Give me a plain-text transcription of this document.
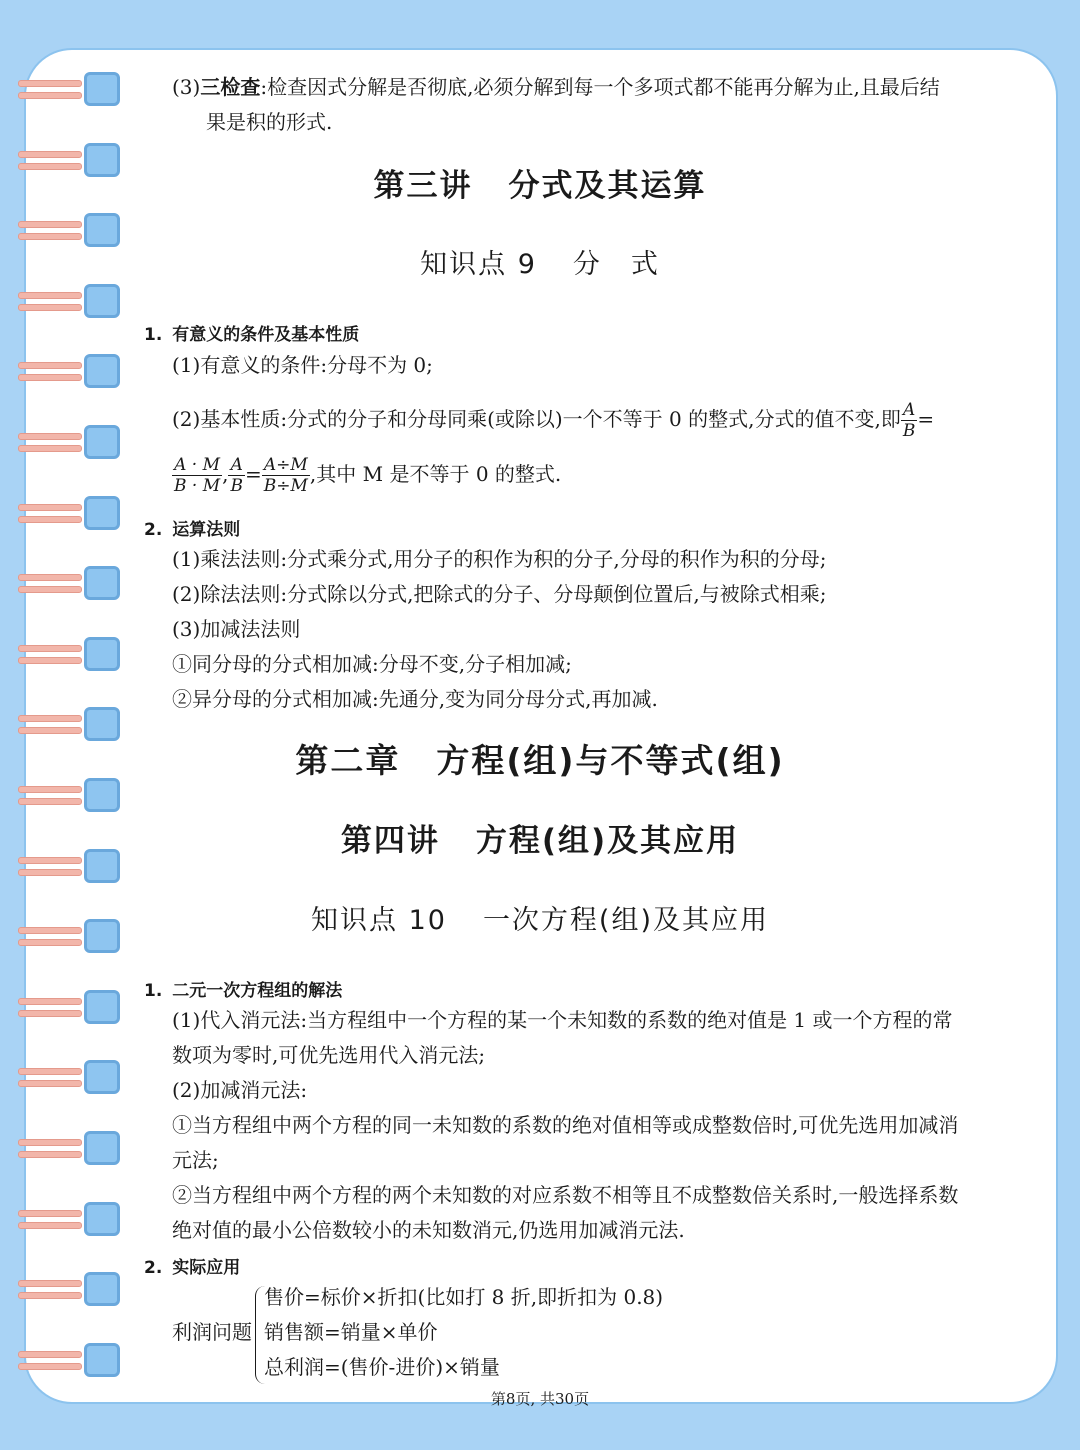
(3)三检查:检查因式分解是否彻底,必须分解到每一个多项式都不能再分解为止,且最后结
果是积的形式.
第三讲 分式及其运算
知识点 9 分　式
1. 有意义的条件及基本性质
(1)有意义的条件:分母不为 0;
(2)基本性质:分式的分子和分母同乘(或除以)一个不等于 0 的整式,分式的值不变,即 $\frac{A}{B}$ =
$\frac{A \cdot M}{B \cdot M}$ , $\frac{A}{B} = \frac{A\div M}{B\div M}$ ,其中 M 是不等于 0 的整式.
2. 运算法则
(1)乘法法则:分式乘分式,用分子的积作为积的分子,分母的积作为积的分母;
(2)除法法则:分式除以分式,把除式的分子、分母颠倒位置后,与被除式相乘;
(3)加减法法则
①同分母的分式相加减:分母不变,分子相加减;
②异分母的分式相加减:先通分,变为同分母分式,再加减.
第二章 方程(组)与不等式(组)
第四讲 方程(组)及其应用
知识点 10 一次方程(组)及其应用
1. 二元一次方程组的解法
(1)代入消元法:当方程组中一个方程的某一个未知数的系数的绝对值是 1 或一个方程的常
数项为零时,可优先选用代入消元法;
(2)加减消元法:
①当方程组中两个方程的同一未知数的系数的绝对值相等或成整数倍时,可优先选用加减消
元法;
②当方程组中两个方程的两个未知数的对应系数不相等且不成整数倍关系时,一般选择系数
绝对值的最小公倍数较小的未知数消元,仍选用加减消元法.
2. 实际应用
利润问题
售价=标价×折扣(比如打 8 折,即折扣为 0.8)
销售额=销量×单价
总利润=(售价-进价)×销量
第8页, 共30页
